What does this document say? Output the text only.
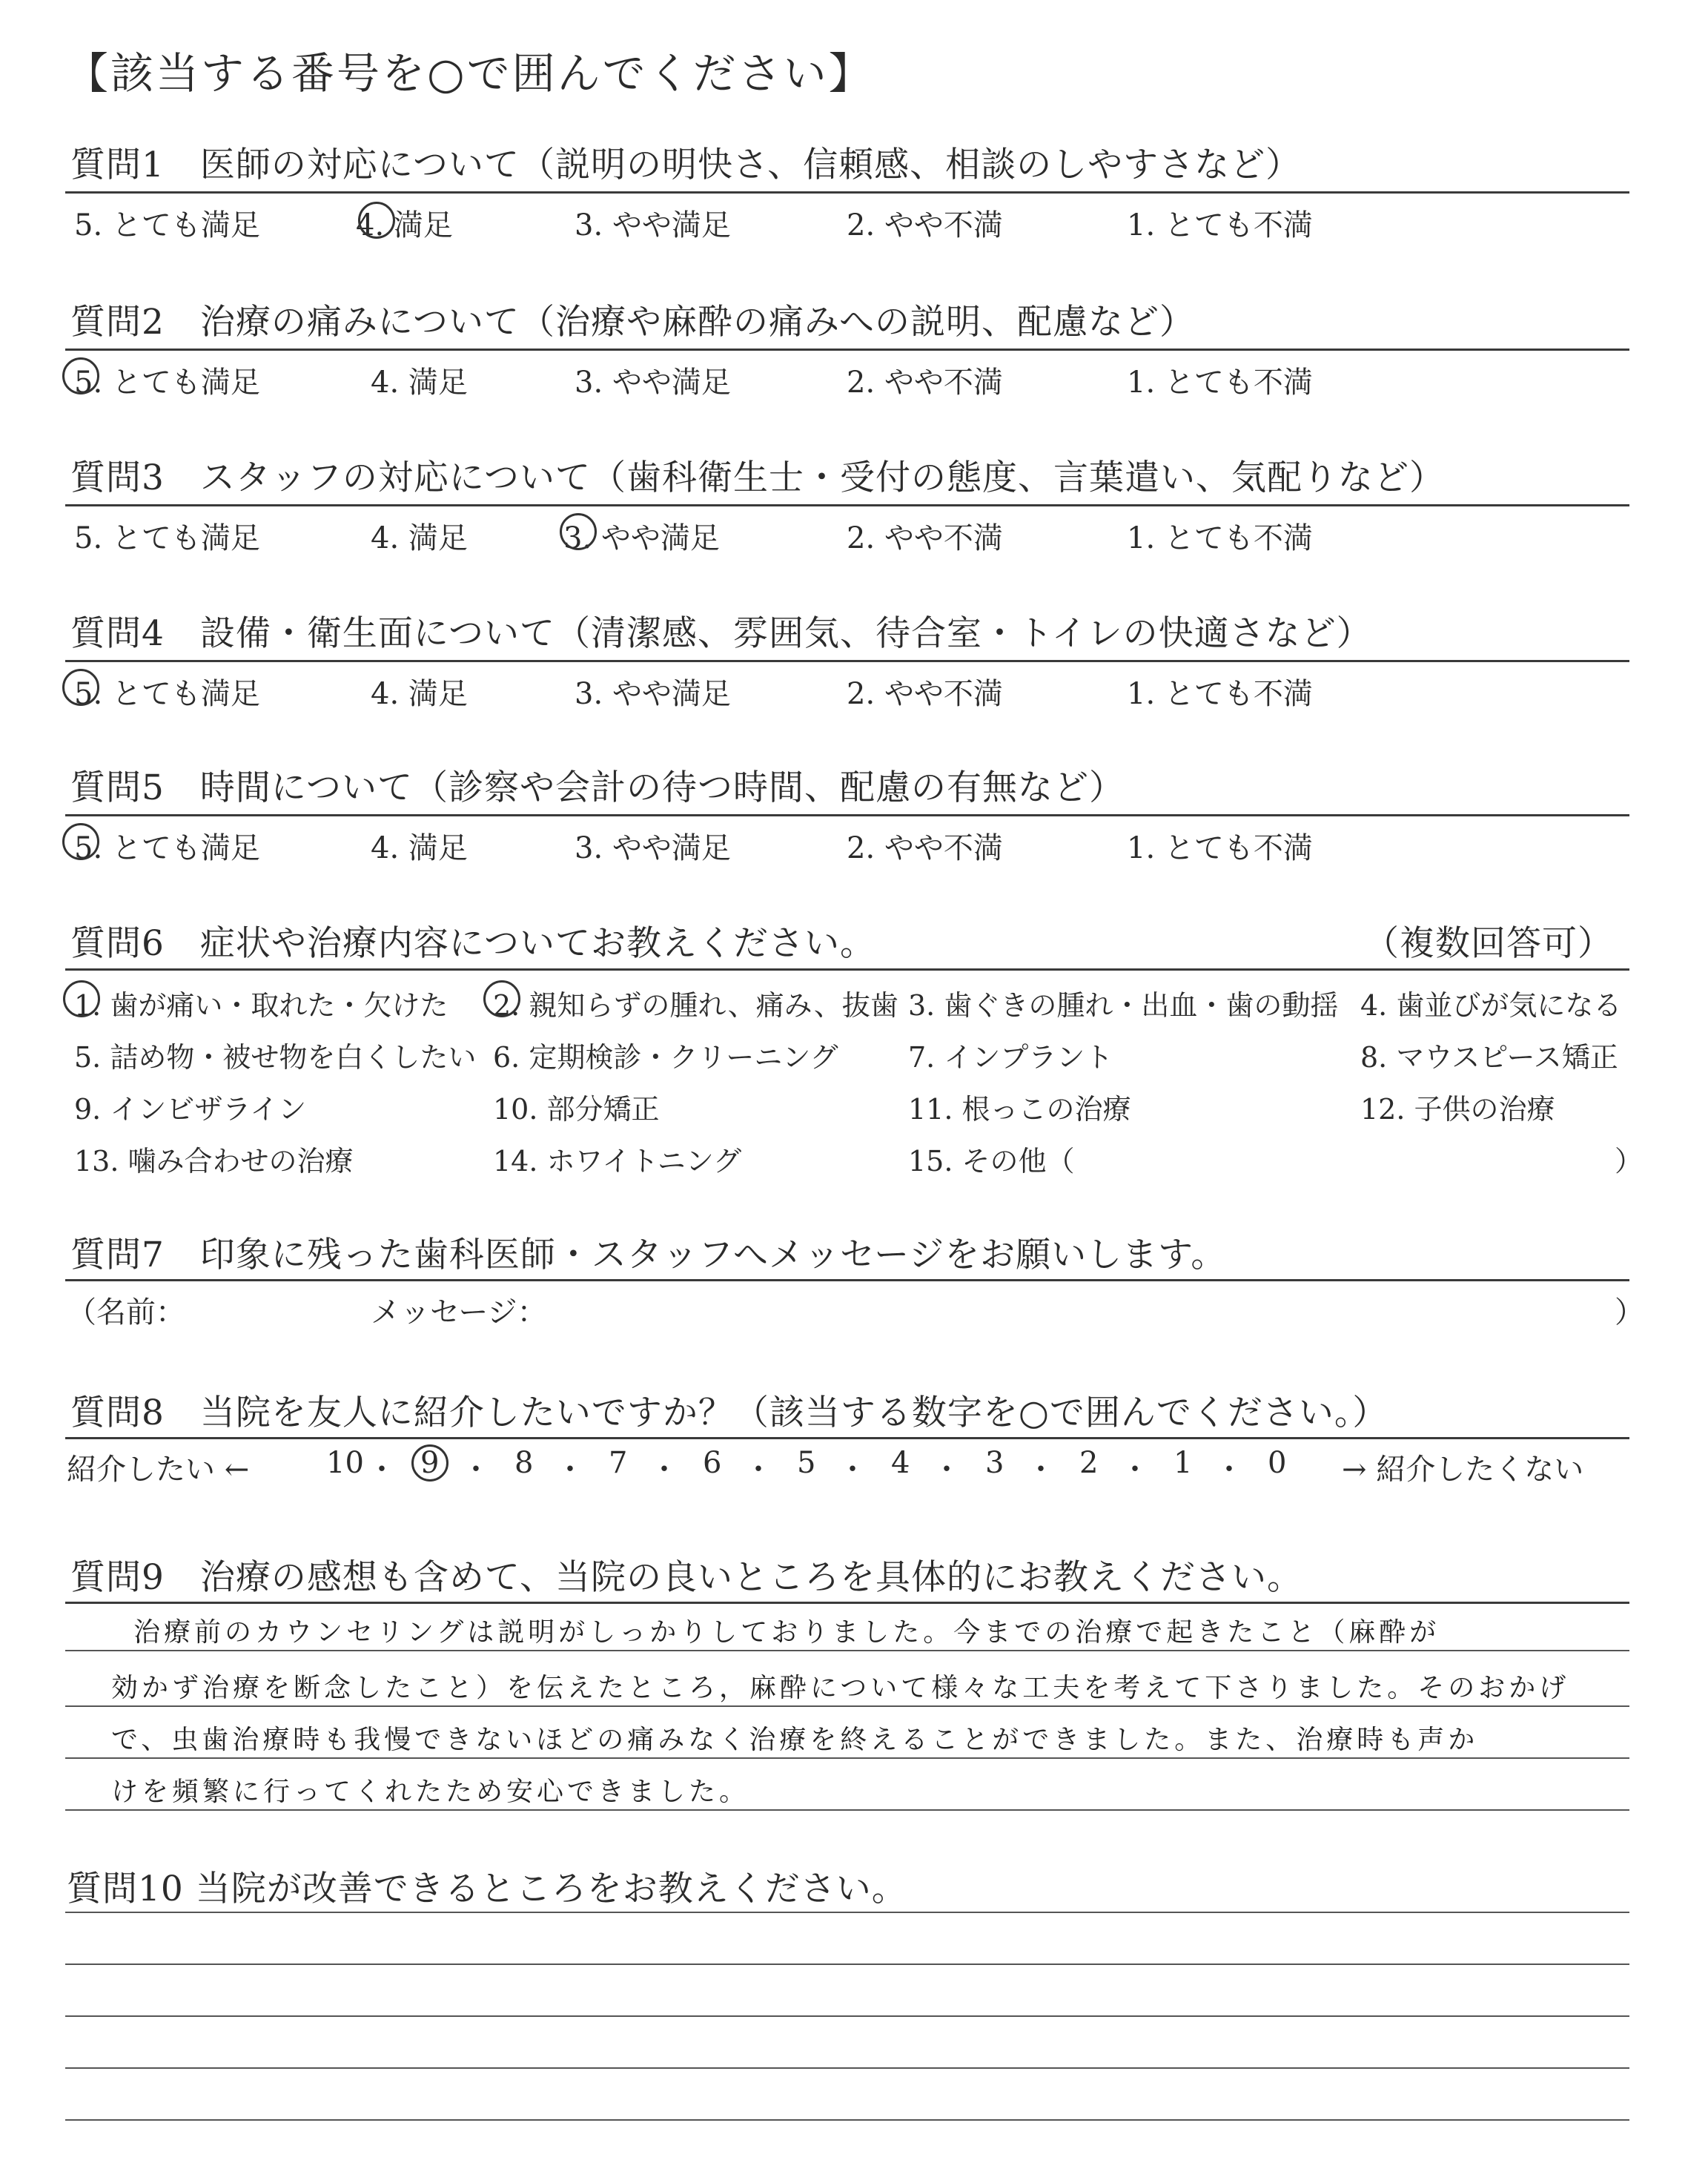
【該当する番号を○で囲んでください】
質問1　医師の対応について（説明の明快さ、信頼感、相談のしやすさなど）
5. とても満足	4. 満足	3. やや満足	2. やや不満	1. とても不満
質問2　治療の痛みについて（治療や麻酔の痛みへの説明、配慮など）
5. とても満足	4. 満足	3. やや満足	2. やや不満	1. とても不満
質問3　スタッフの対応について（歯科衛生士・受付の態度、言葉遣い、気配りなど）
5. とても満足	4. 満足	3. やや満足	2. やや不満	1. とても不満
質問4　設備・衛生面について（清潔感、雰囲気、待合室・トイレの快適さなど）
5. とても満足	4. 満足	3. やや満足	2. やや不満	1. とても不満
質問5　時間について（診察や会計の待つ時間、配慮の有無など）
5. とても満足	4. 満足	3. やや満足	2. やや不満	1. とても不満
質問6　症状や治療内容についてお教えください。	（複数回答可）
1. 歯が痛い・取れた・欠けた 2. 親知らずの腫れ、痛み、抜歯 3. 歯ぐきの腫れ・出血・歯の動揺 4. 歯並びが気になる
5. 詰め物・被せ物を白くしたい 6. 定期検診・クリーニング 7. インプラント	8. マウスピース矯正
9. インビザライン	10. 部分矯正	11. 根っこの治療	12. 子供の治療
13. 噛み合わせの治療	14. ホワイトニング	15. その他（	）
質問7　印象に残った歯科医師・スタッフへメッセージをお願いします。
（名前：	メッセージ：	）
質問8　当院を友人に紹介したいですか？（該当する数字を○で囲んでください。）
紹介したい ←	10 ・ 9 ・ 8 ・ 7 ・ 6 ・ 5 ・ 4 ・ 3 ・ 2 ・ 1 ・ 0 → 紹介したくない
質問9　治療の感想も含めて、当院の良いところを具体的にお教えください。
治療前のカウンセリングは説明がしっかりしておりました。今までの治療で起きたこと（麻酔が
効かず治療を断念したこと）を伝えたところ，麻酔について様々な工夫を考えて下さりました。そのおかげ
で、虫歯治療時も我慢できないほどの痛みなく治療を終えることができました。また、治療時も声か
けを頻繁に行ってくれたため安心できました。
質問10 当院が改善できるところをお教えください。
